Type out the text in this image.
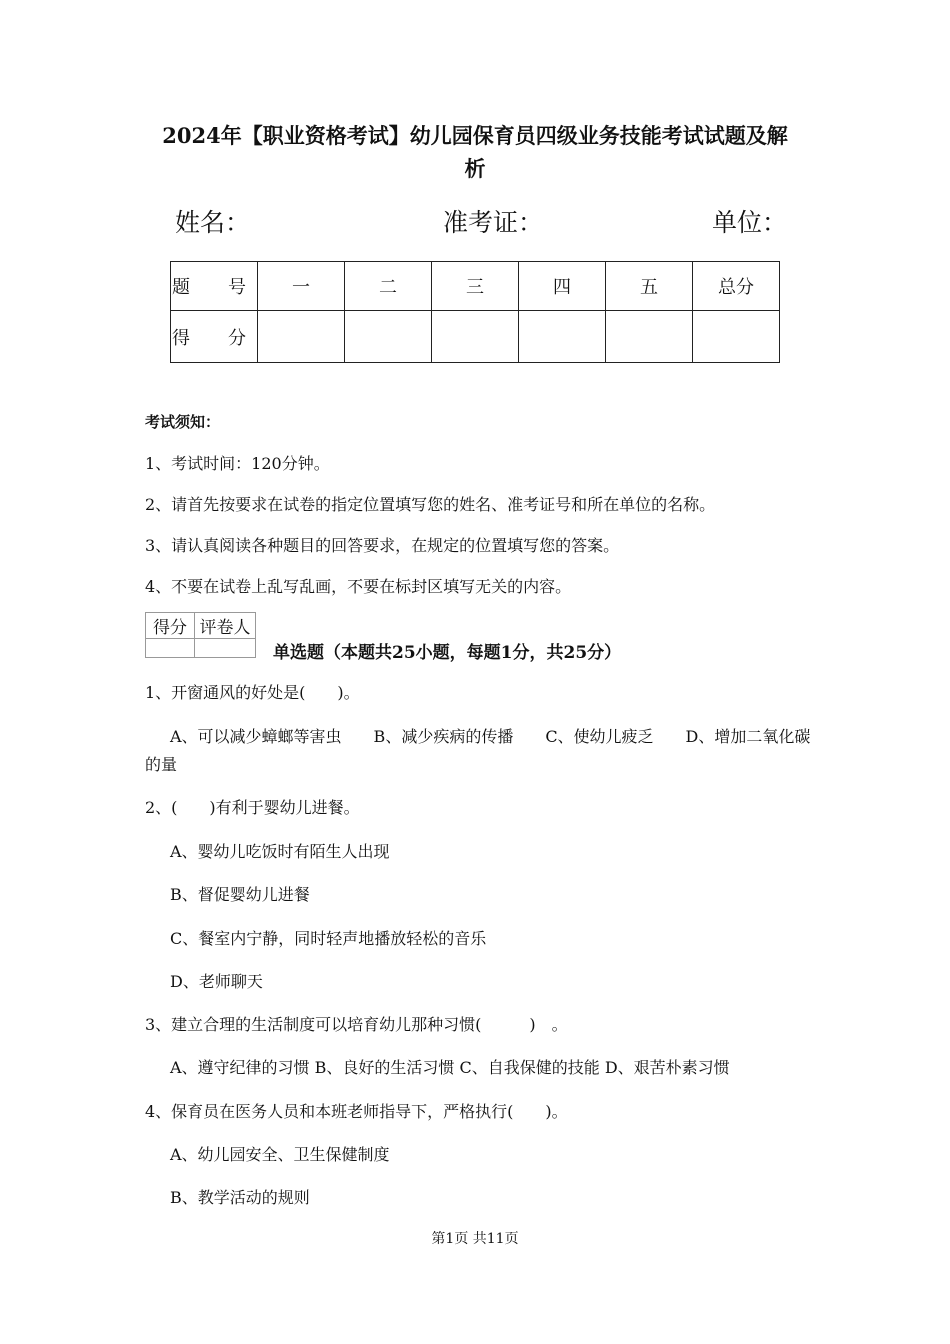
2024年【职业资格考试】幼儿园保育员四级业务技能考试试题及解
析
姓名：	准考证：	单位：
题　号	一	二	三	四	五	总分
得　分						
考试须知：
1、考试时间：120分钟。
2、请首先按要求在试卷的指定位置填写您的姓名、准考证号和所在单位的名称。
3、请认真阅读各种题目的回答要求，在规定的位置填写您的答案。
4、不要在试卷上乱写乱画，不要在标封区填写无关的内容。
得分	评卷人

单选题（本题共25小题，每题1分，共25分）
1、开窗通风的好处是(　　)。
A、可以减少蟑螂等害虫　　B、减少疾病的传播　　C、使幼儿疲乏　　D、增加二氧化碳
的量
2、(　　)有利于婴幼儿进餐。
A、婴幼儿吃饭时有陌生人出现
B、督促婴幼儿进餐
C、餐室内宁静，同时轻声地播放轻松的音乐
D、老师聊天
3、建立合理的生活制度可以培育幼儿那种习惯(　　　)　。
A、遵守纪律的习惯 B、良好的生活习惯 C、自我保健的技能 D、艰苦朴素习惯
4、保育员在医务人员和本班老师指导下，严格执行(　　)。
A、幼儿园安全、卫生保健制度
B、教学活动的规则
第1页 共11页
